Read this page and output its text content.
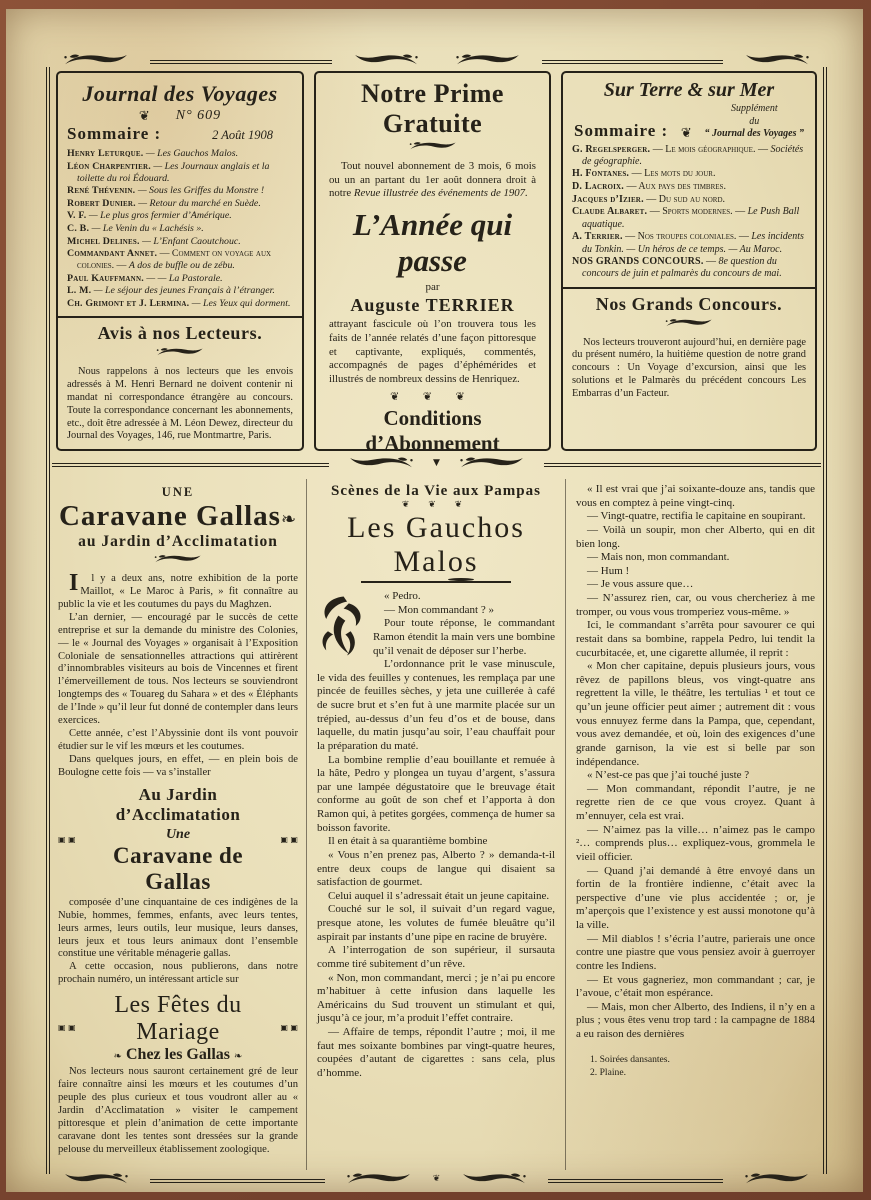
Journal des Voyages
❦ N° 609
Sommaire :	2 Août 1908
Henry Leturque. — Les Gauchos Malos.
Léon Charpentier. — Les Journaux anglais et la toilette du roi Édouard.
René Thévenin. — Sous les Griffes du Monstre !
Robert Dunier. — Retour du marché en Suède.
V. F. — Le plus gros fermier d’Amérique.
C. B. — Le Venin du « Lachésis ».
Michel Delines. — L’Enfant Caoutchouc.
Commandant Annet. — Comment on voyage aux colonies. — A dos de buffle ou de zébu.
Paul Kauffmann. — — La Pastorale.
L. M. — Le séjour des jeunes Français à l’étranger.
Ch. Grimont et J. Lermina. — Les Yeux qui dorment.
Avis à nos Lecteurs.

Nous rappelons à nos lecteurs que les envois adressés à M. Henri Bernard ne doivent contenir ni mandat ni correspondance étrangère au concours. Toute la correspondance concernant les abonnements, etc., doit être adressée à M. Léon Dewez, directeur du Journal des Voyages, 146, rue Montmartre, Paris.

Notre Prime Gratuite

Tout nouvel abonnement de 3 mois, 6 mois ou un an partant du 1er août donnera droit à notre Revue illustrée des événements de 1907.

L’Année qui passe
par
Auguste TERRIER

attrayant fascicule où l’on trouvera tous les faits de l’année relatés d’une façon pittoresque et captivante, expliqués, commentés, accompagnés de pages d’éphémérides et illustrés de nombreux dessins de Henriquez.

❦ ❦ ❦
Conditions d’Abonnement

Sur Terre & sur Mer
Sommaire : ❦
Supplément
du
“ Journal des Voyages ”
G. Regelsperger. — Le mois géographique. — Sociétés de géographie.
H. Fontanes. — Les mots du jour.
D. Lacroix. — Aux pays des timbres.
Jacques d’Izier. — Du sud au nord.
Claude Albaret. — Sports modernes. — Le Push Ball aquatique.
A. Terrier. — Nos troupes coloniales. — Les incidents du Tonkin. — Un héros de ce temps. — Au Maroc.
NOS GRANDS CONCOURS. — 8e question du concours de juin et palmarès du concours de mai.
Nos Grands Concours.

Nos lecteurs trouveront aujourd’hui, en dernière page du présent numéro, la huitième question de notre grand concours : Un Voyage d’excursion, ainsi que les solutions et le Palmarès du précédent concours Les Embarras d’un Facteur.

▼
UNE
Caravane Gallas❧
au Jardin d’Acclimatation

Il y a deux ans, notre exhibition de la porte Maillot, « Le Maroc à Paris, » fit connaître au public la vie et les coutumes du pays du Maghzen.

L’an dernier, — encouragé par le succès de cette entreprise et sur la demande du ministre des Colonies, — le « Journal des Voyages » organisait à l’Exposition Coloniale de sensationnelles attractions qui attirèrent d’innombrables visiteurs au bois de Vincennes et firent l’émerveillement de tous. Nos lecteurs se souviendront longtemps des « Touareg du Sahara » et des « Éléphants de l’Inde » qu’il leur fut donné de contempler dans leurs exercices.

Cette année, c’est l’Abyssinie dont ils vont pouvoir étudier sur le vif les mœurs et les coutumes.

Dans quelques jours, en effet, — en plein bois de Boulogne cette fois — va s’installer

▣ ▣
Au Jardin d’Acclimatation
Une
Caravane de Gallas
▣ ▣

composée d’une cinquantaine de ces indigènes de la Nubie, hommes, femmes, enfants, avec leurs tentes, leurs armes, leurs outils, leur musique, leurs danses, leurs jeux et tous leurs animaux dont l’ensemble constitue une véritable ménagerie gallas.

A cette occasion, nous publierons, dans notre prochain numéro, un intéressant article sur

▣ ▣
Les Fêtes du Mariage
❧ Chez les Gallas ❧
▣ ▣

Nos lecteurs nous sauront certainement gré de leur faire connaître ainsi les mœurs et les coutumes d’un peuple des plus curieux et tous voudront aller au « Jardin d’Acclimatation » visiter le campement pittoresque et plein d’animation de cette importante caravane dont les tentes sont dressées sur la grande pelouse du merveilleux établissement zoologique.

Scènes de la Vie aux Pampas
❦ ❦ ❦
Les Gauchos Malos

« Pedro.

— Mon commandant ? »

Pour toute réponse, le commandant Ramon étendit la main vers une bombine qu’il venait de déposer sur l’herbe.

L’ordonnance prit le vase minuscule, le vida des feuilles y contenues, les remplaça par une pincée de feuilles sèches, y jeta une cuillerée à café de sucre brut et s’en fut à une marmite placée sur un trépied, au-dessus d’un feu d’os et de bouse, dans laquelle, du matin jusqu’au soir, l’eau chauffait pour la préparation du maté.

La bombine remplie d’eau bouillante et remuée à la hâte, Pedro y plongea un tuyau d’argent, s’assura par une lampée dégustatoire que le breuvage était conforme au goût de son chef et l’apporta à don Ramon qui, à petites gorgées, commença de humer sa boisson favorite.

Il en était à sa quarantième bombine

« Vous n’en prenez pas, Alberto ? » demanda-t-il entre deux coups de langue qui disaient sa satisfaction de gourmet.

Celui auquel il s’adressait était un jeune capitaine.

Couché sur le sol, il suivait d’un regard vague, presque atone, les volutes de fumée bleuâtre qu’il aspirait par instants d’une pipe en racine de bruyère.

A l’interrogation de son supérieur, il sursauta comme tiré subitement d’un rêve.

« Non, mon commandant, merci ; je n’ai pu encore m’habituer à cette infusion dans laquelle les Américains du Sud trouvent un stimulant et qui, jusqu’à ce jour, m’a produit l’effet contraire.

— Affaire de temps, répondit l’autre ; moi, il me faut mes soixante bombines par vingt-quatre heures, coupées d’autant de cigarettes : sans cela, plus d’homme.

« Il est vrai que j’ai soixante-douze ans, tandis que vous en comptez à peine vingt-cinq.

— Vingt-quatre, rectifia le capitaine en soupirant.

— Voilà un soupir, mon cher Alberto, qui en dit bien long.

— Mais non, mon commandant.

— Hum !

— Je vous assure que…

— N’assurez rien, car, ou vous chercheriez à me tromper, ou vous vous tromperiez vous-même. »

Ici, le commandant s’arrêta pour savourer ce qui restait dans sa bombine, rappela Pedro, lui tendit la cucurbitacée, et, une cigarette allumée, il reprit :

« Mon cher capitaine, depuis plusieurs jours, vous rêvez de papillons bleus, vos vingt-quatre ans regrettent la ville, le théâtre, les tertulias ¹ et tout ce qu’un jeune officier peut aimer ; autrement dit : vous vous ennuyez ferme dans la Pampa, que, cependant, vous avez demandée, et où, loin des exigences d’une grande garnison, la vie est si belle par son indépendance.

« N’est-ce pas que j’ai touché juste ?

— Mon commandant, répondit l’autre, je ne regrette rien de ce que vous croyez. Quant à m’ennuyer, cela est vrai.

— N’aimez pas la ville… n’aimez pas le campo ²… comprends plus… expliquez-vous, grommela le vieil officier.

— Quand j’ai demandé à être envoyé dans un fortin de la frontière indienne, c’était avec la perspective d’une vie plus accidentée ; or, je m’aperçois que l’existence y est aussi monotone qu’à la ville.

— Mil diablos ! s’écria l’autre, parierais une once contre une piastre que vous pensiez avoir à guerroyer contre les Indiens.

— Et vous gagneriez, mon commandant ; car, je l’avoue, c’était mon espérance.

— Mais, mon cher Alberto, des Indiens, il n’y en a plus ; vous êtes venu trop tard : la campagne de 1884 a eu raison des dernières

1. Soirées dansantes.

2. Plaine.

❦
